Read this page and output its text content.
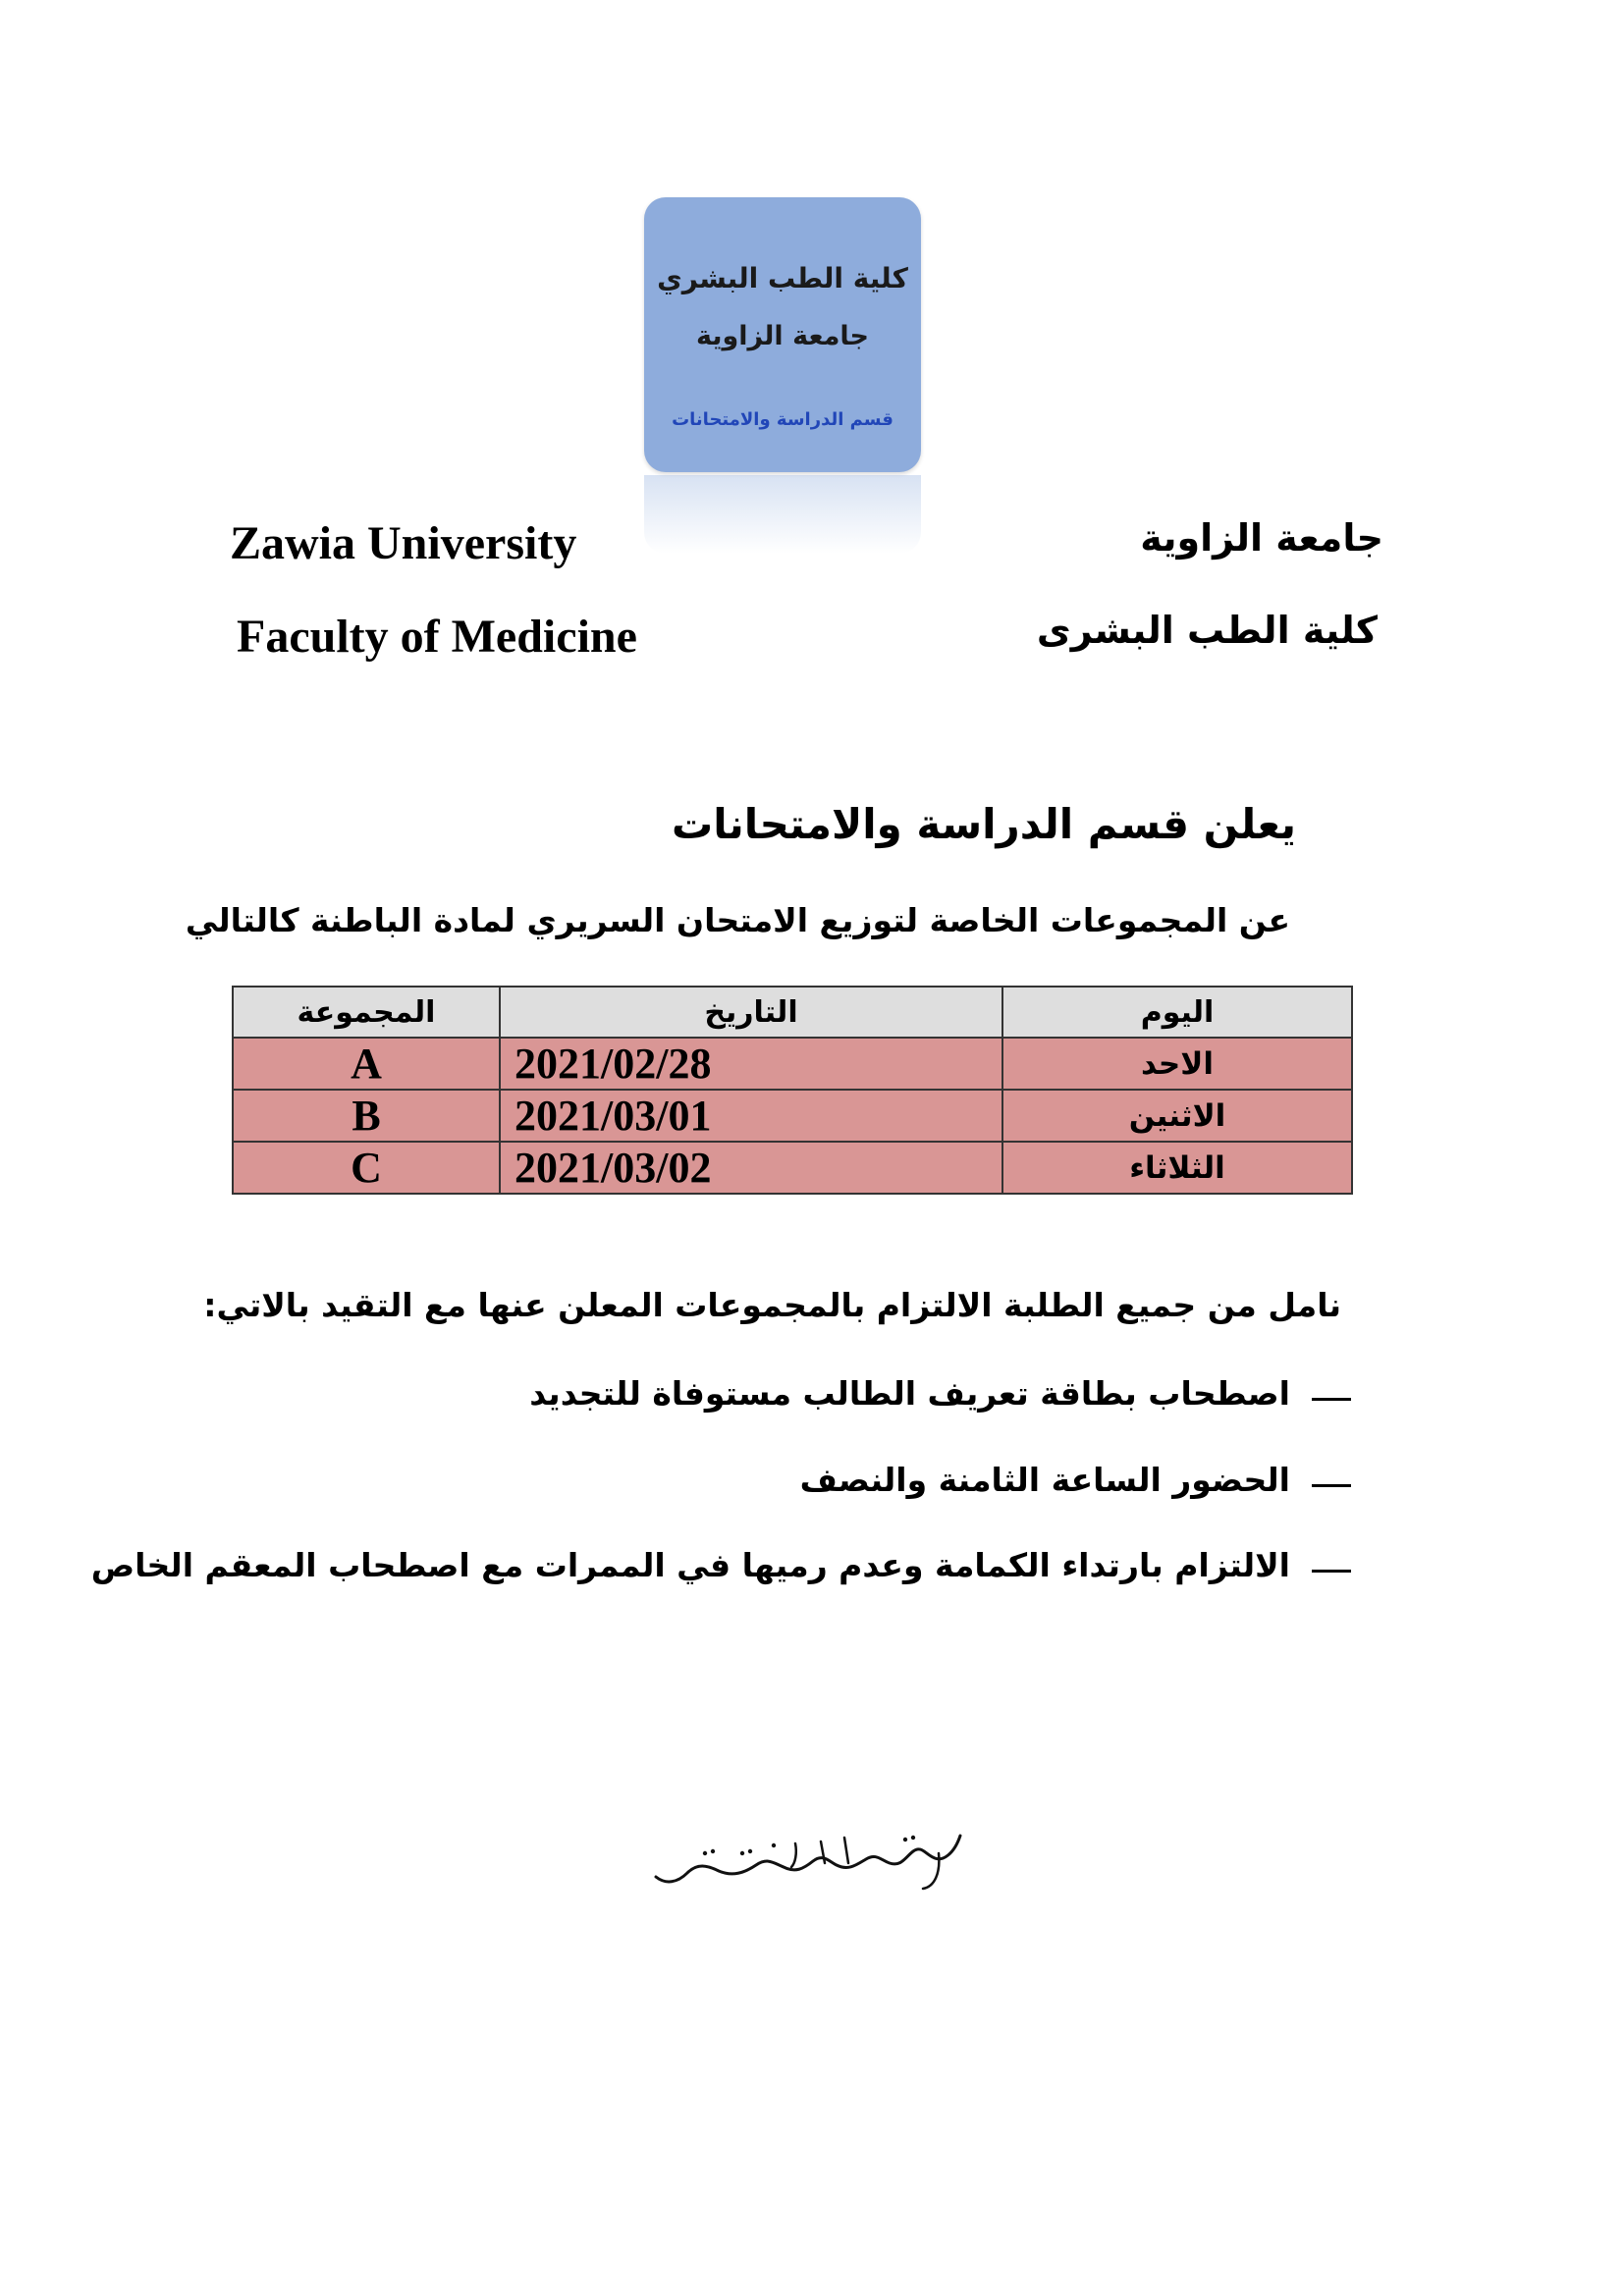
كلية الطب البشري
جامعة الزاوية
قسم الدراسة والامتحانات
Zawia University
Faculty of Medicine
جامعة الزاوية
كلية الطب البشرى
يعلن قسم الدراسة والامتحانات
عن المجموعات الخاصة لتوزيع الامتحان السريري لمادة الباطنة كالتالي
اليوم	التاريخ	المجموعة
الاحد	2021/02/28	A
الاثنين	2021/03/01	B
الثلاثاء	2021/03/02	C
نامل من جميع الطلبة الالتزام بالمجموعات المعلن عنها مع التقيد بالاتي:
اصطحاب بطاقة تعريف الطالب مستوفاة للتجديد
الحضور الساعة الثامنة والنصف
الالتزام بارتداء الكمامة وعدم رميها في الممرات مع اصطحاب المعقم الخاص
